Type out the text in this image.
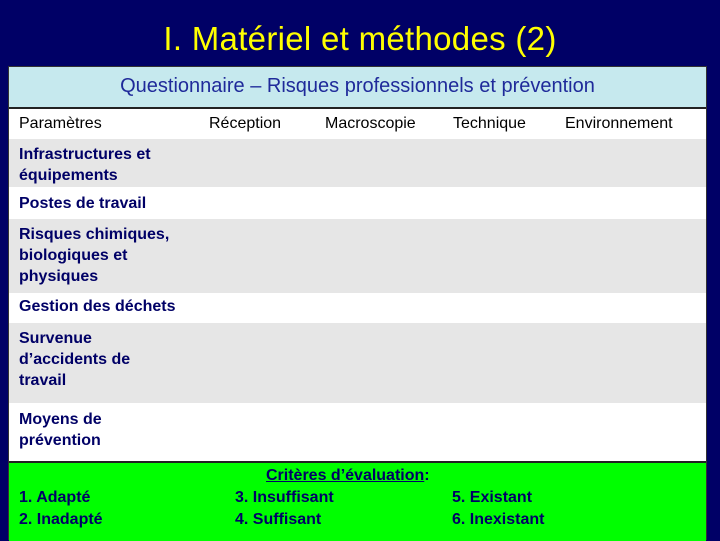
I. Matériel et méthodes (2)
Questionnaire – Risques professionnels et prévention
Paramètres	Réception	Macroscopie Technique Environnement
Infrastructures et équipements
Postes de travail
Risques chimiques, biologiques et physiques
Gestion des déchets
Survenue d’accidents de travail
Moyens de prévention
Critères d’évaluation:
1. Adapté
2. Inadapté
3. Insuffisant
4. Suffisant
5. Existant
6. Inexistant
